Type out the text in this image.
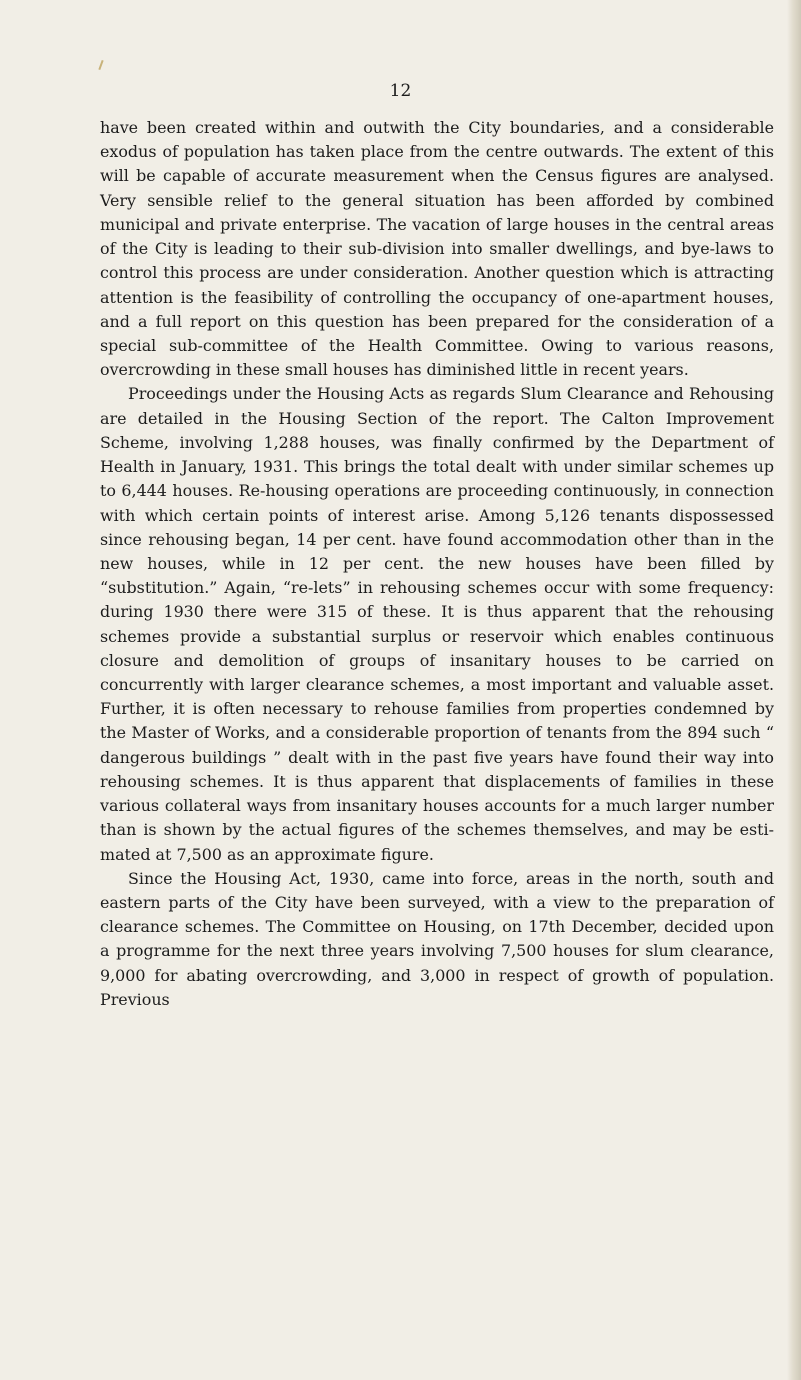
12

have been created within and outwith the City boundaries, and a considerable exodus of population has taken place from the centre outwards. The extent of this will be capable of accurate measurement when the Census figures are analysed. Very sensible relief to the general situation has been afforded by combined municipal and private enterprise. The vacation of large houses in the central areas of the City is leading to their sub-division into smaller dwellings, and bye-laws to control this process are under consideration. Another question which is attracting attention is the feasibility of controlling the occupancy of one-apartment houses, and a full report on this question has been prepared for the consideration of a special sub-committee of the Health Committee. Owing to various reasons, overcrowding in these small houses has diminished little in recent years.

Proceedings under the Housing Acts as regards Slum Clearance and Rehousing are detailed in the Housing Section of the report. The Calton Improvement Scheme, involving 1,288 houses, was finally confirmed by the Department of Health in January, 1931. This brings the total dealt with under similar schemes up to 6,444 houses. Re-housing operations are proceeding continuously, in connection with which certain points of interest arise. Among 5,126 tenants dispossessed since rehousing began, 14 per cent. have found accommodation other than in the new houses, while in 12 per cent. the new houses have been filled by “substitution.” Again, “re-lets” in rehousing schemes occur with some frequency: during 1930 there were 315 of these. It is thus apparent that the rehousing schemes provide a substantial surplus or reservoir which enables continuous closure and demolition of groups of insanitary houses to be carried on concurrently with larger clearance schemes, a most important and valuable asset. Further, it is often necessary to rehouse families from properties condemned by the Master of Works, and a considerable proportion of tenants from the 894 such “ dangerous buildings ” dealt with in the past five years have found their way into rehousing schemes. It is thus apparent that displacements of families in these various collateral ways from insanitary houses accounts for a much larger number than is shown by the actual figures of the schemes themselves, and may be esti- mated at 7,500 as an approximate figure.

Since the Housing Act, 1930, came into force, areas in the north, south and eastern parts of the City have been surveyed, with a view to the preparation of clearance schemes. The Committee on Housing, on 17th December, decided upon a programme for the next three years involving 7,500 houses for slum clearance, 9,000 for abating overcrowding, and 3,000 in respect of growth of population. Previous
